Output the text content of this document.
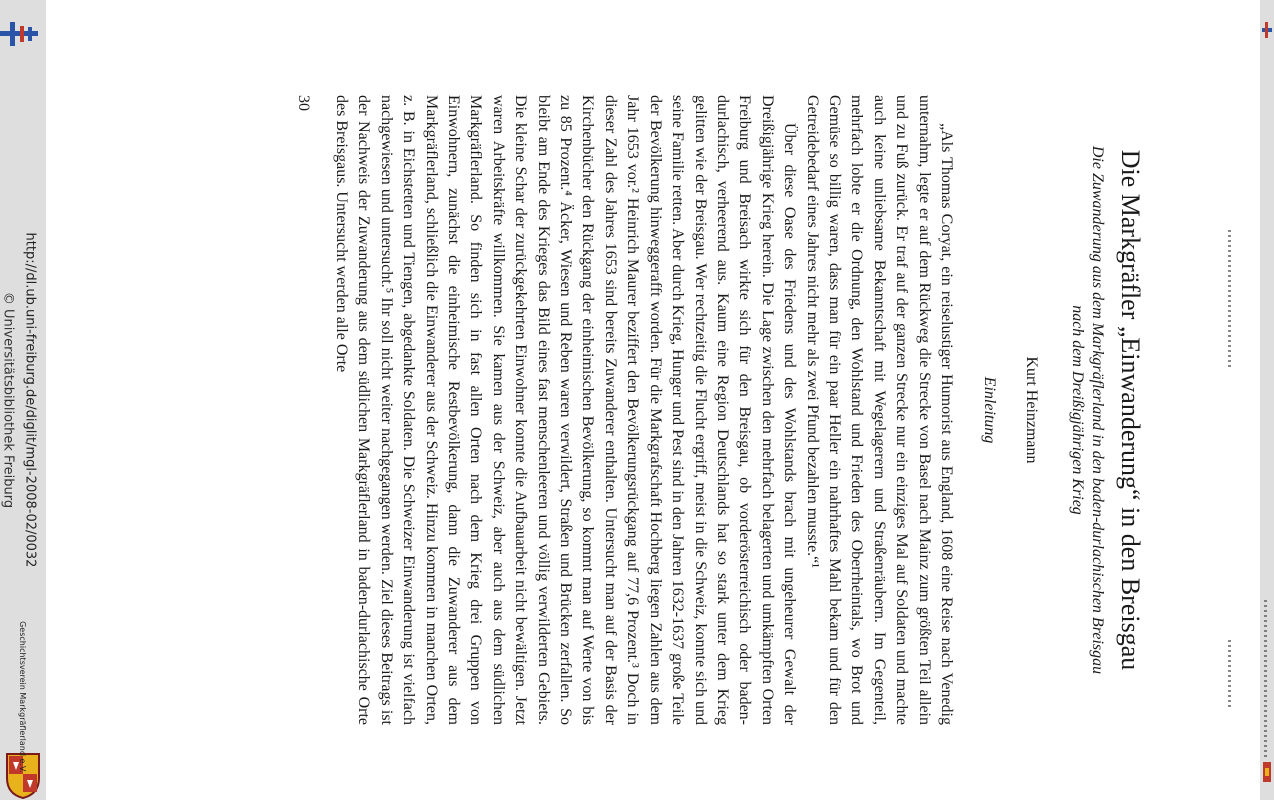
http://dl.ub.uni-freiburg.de/diglit/mgl-2008-02/0032
© Universitätsbibliothek Freiburg
Geschichtsverein Markgräflerland e.V.
Die Markgräfler „Einwanderung“ in den Breisgau
Die Zuwanderung aus dem Markgräflerland in den baden-durlachischen Breisgau
nach dem Dreißigjährigen Krieg
Kurt Heinzmann
Einleitung

„Als Thomas Coryat, ein reiselustiger Humorist aus England, 1608 eine Reise nach Venedig unternahm, legte er auf dem Rückweg die Strecke von Basel nach Mainz zum größten Teil allein und zu Fuß zurück. Er traf auf der ganzen Strecke nur ein einziges Mal auf Soldaten und machte auch keine unliebsame Bekanntschaft mit Wegelagerern und Straßenräubern. Im Gegenteil, mehrfach lobte er die Ordnung, den Wohlstand und Frieden des Oberrheintals, wo Brot und Gemüse so billig waren, dass man für ein paar Heller ein nahrhaftes Mahl bekam und für den Getreidebedarf eines Jahres nicht mehr als zwei Pfund bezahlen musste.“¹

Über diese Oase des Friedens und des Wohlstands brach mit ungeheurer Gewalt der Dreißigjährige Krieg herein. Die Lage zwischen den mehrfach belagerten und umkämpften Orten Freiburg und Breisach wirkte sich für den Breisgau, ob vorderösterreichisch oder baden-durlachisch, verheerend aus. Kaum eine Region Deutschlands hat so stark unter dem Krieg gelitten wie der Breisgau. Wer rechtzeitig die Flucht ergriff, meist in die Schweiz, konnte sich und seine Familie retten. Aber durch Krieg, Hunger und Pest sind in den Jahren 1632-1637 große Teile der Bevölkerung hinweggerafft worden. Für die Markgrafschaft Hochberg liegen Zahlen aus dem Jahr 1653 vor.² Heinrich Maurer beziffert den Bevölkerungsrückgang auf 77,6 Prozent.³ Doch in dieser Zahl des Jahres 1653 sind bereits Zuwanderer enthalten. Untersucht man auf der Basis der Kirchenbücher den Rückgang der einheimischen Bevölkerung, so kommt man auf Werte von bis zu 85 Prozent.⁴ Äcker, Wiesen und Reben waren verwildert, Straßen und Brücken zerfallen. So bleibt am Ende des Krieges das Bild eines fast menschenleeren und völlig verwilderten Gebiets. Die kleine Schar der zurückgekehrten Einwohner konnte die Aufbauarbeit nicht bewältigen. Jetzt waren Arbeitskräfte willkommen. Sie kamen aus der Schweiz, aber auch aus dem südlichen Markgräflerland. So finden sich in fast allen Orten nach dem Krieg drei Gruppen von Einwohnern, zunächst die einheimische Restbevölkerung, dann die Zuwanderer aus dem Markgräflerland, schließlich die Einwanderer aus der Schweiz. Hinzu kommen in manchen Orten, z. B. in Eichstetten und Tiengen, abgedankte Soldaten. Die Schweizer Einwanderung ist vielfach nachgewiesen und untersucht.⁵ Ihr soll nicht weiter nachgegangen werden. Ziel dieses Beitrags ist der Nachweis der Zuwanderung aus dem südlichen Markgräflerland in baden-durlachische Orte des Breisgaus. Untersucht werden alle Orte

30
